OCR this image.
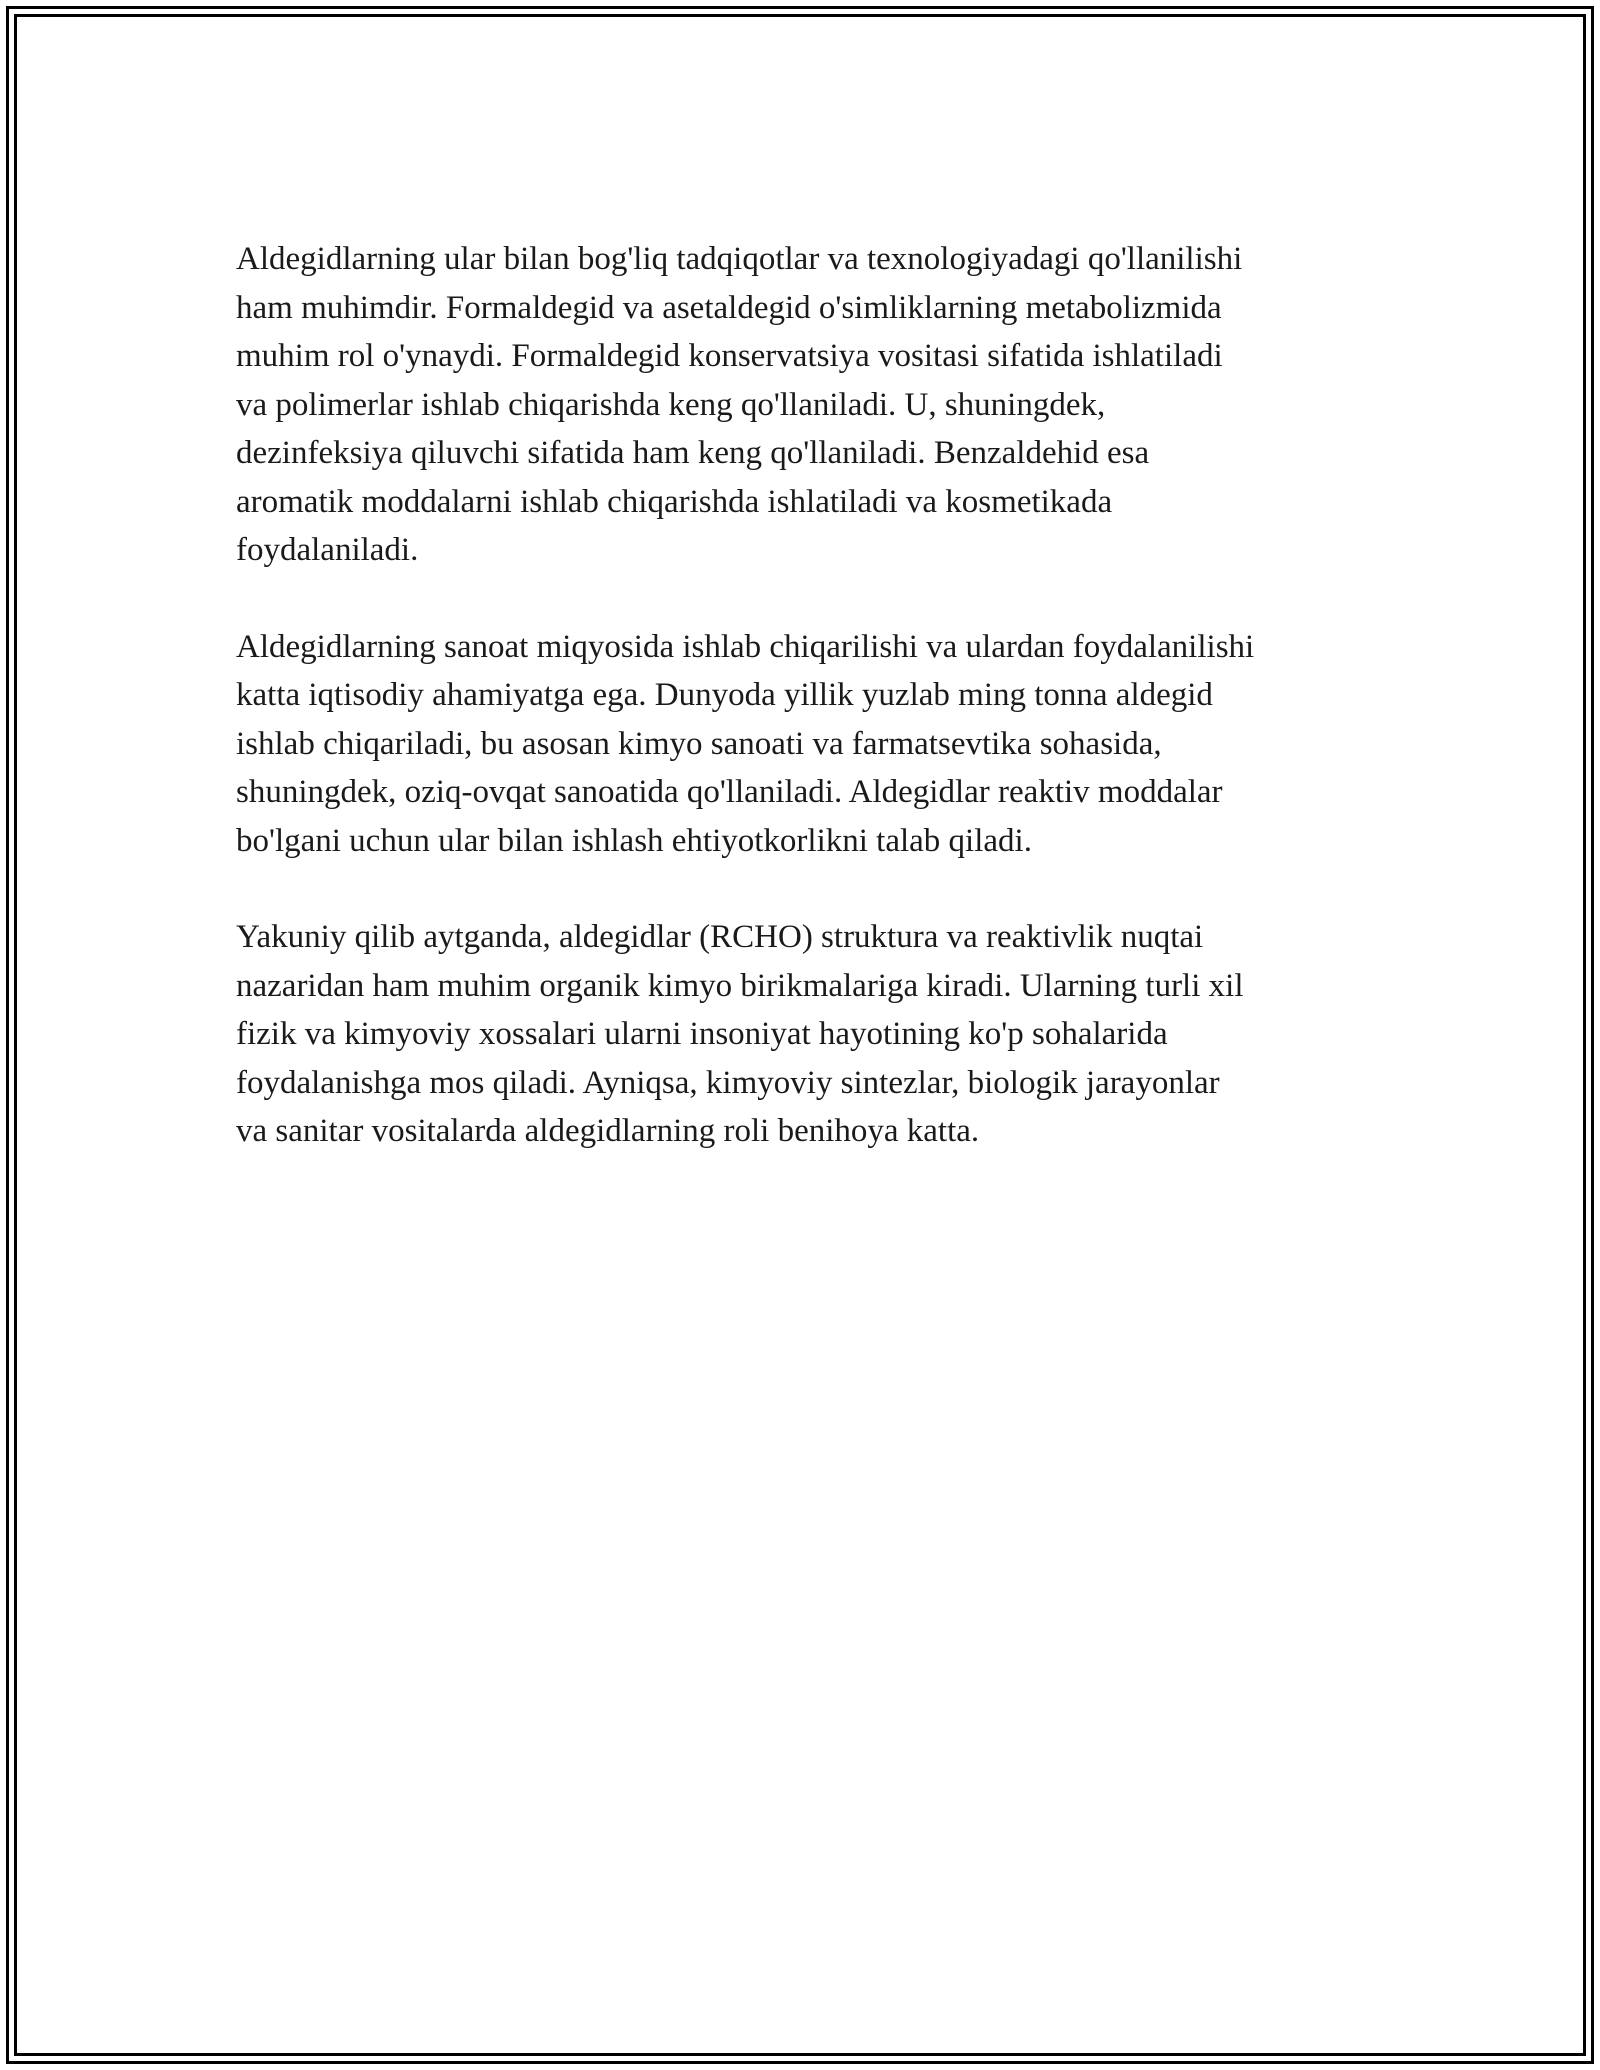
Aldegidlarning ular bilan bog'liq tadqiqotlar va texnologiyadagi qo'llanilishi
ham muhimdir. Formaldegid va asetaldegid o'simliklarning metabolizmida
muhim rol o'ynaydi. Formaldegid konservatsiya vositasi sifatida ishlatiladi
va polimerlar ishlab chiqarishda keng qo'llaniladi. U, shuningdek,
dezinfeksiya qiluvchi sifatida ham keng qo'llaniladi. Benzaldehid esa
aromatik moddalarni ishlab chiqarishda ishlatiladi va kosmetikada
foydalaniladi.

Aldegidlarning sanoat miqyosida ishlab chiqarilishi va ulardan foydalanilishi
katta iqtisodiy ahamiyatga ega. Dunyoda yillik yuzlab ming tonna aldegid
ishlab chiqariladi, bu asosan kimyo sanoati va farmatsevtika sohasida,
shuningdek, oziq-ovqat sanoatida qo'llaniladi. Aldegidlar reaktiv moddalar
bo'lgani uchun ular bilan ishlash ehtiyotkorlikni talab qiladi.

Yakuniy qilib aytganda, aldegidlar (RCHO) struktura va reaktivlik nuqtai
nazaridan ham muhim organik kimyo birikmalariga kiradi. Ularning turli xil
fizik va kimyoviy xossalari ularni insoniyat hayotining ko'p sohalarida
foydalanishga mos qiladi. Ayniqsa, kimyoviy sintezlar, biologik jarayonlar
va sanitar vositalarda aldegidlarning roli benihoya katta.
